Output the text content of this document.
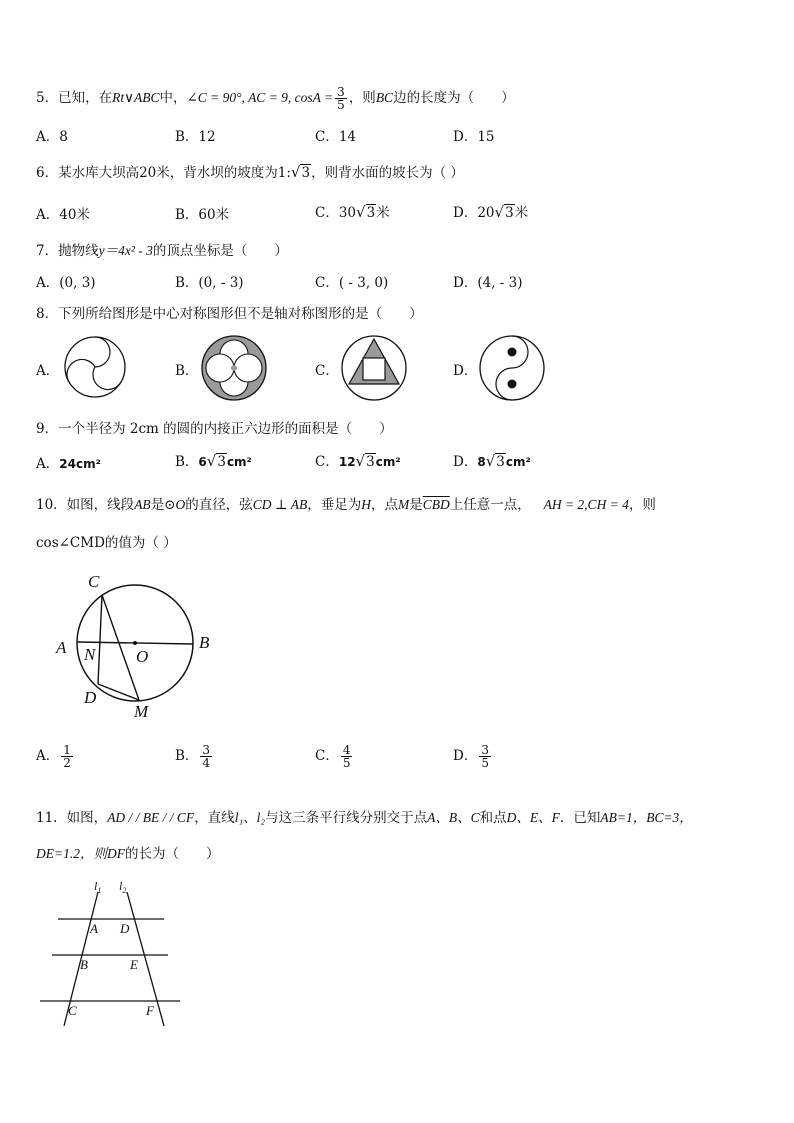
5．已知，在Rt∨ABC中，∠C = 90°, AC = 9, $\cos A = \frac{3}{5}$ ，则BC边的长度为（　　）
A．8	B．12	C．14	D．15
6．某水库大坝高20米，背水坝的坡度为1:√3，则背水面的坡长为（ ）
A．40米	B．60米	C．30√3米	D．20√3米
7．抛物线y＝4x² - 3的顶点坐标是（　　）
A．(0, 3)	B．(0, - 3)	C．( - 3, 0)	D．(4, - 3)
8．下列所给图形是中心对称图形但不是轴对称图形的是（　　）
A．	B．	C．	D．
9．一个半径为 2cm 的圆的内接正六边形的面积是（　　）
A．24cm²	B．6√3cm²	C．12√3cm²	D．8√3cm²
10．如图，线段AB是⊙O的直径，弦CD ⊥ AB，垂足为H，点M是$\overline{CBD}$上任意一点， AH = 2,CH = 4，则
cos∠CMD的值为（ ）
C
A N O
B
D
M
A． $\frac{1}{2}$	B． $\frac{3}{4}$	C． $\frac{4}{5}$	D． $\frac{3}{5}$
11．如图，AD / / BE / / CF，直线l₁、l₂与这三条平行线分别交于点A、B、C和点D、E、F．已知AB=1，BC=3，
DE=1.2，则DF的长为（　　）
$l_1$ $l_2$
A D
B	E
C	F
